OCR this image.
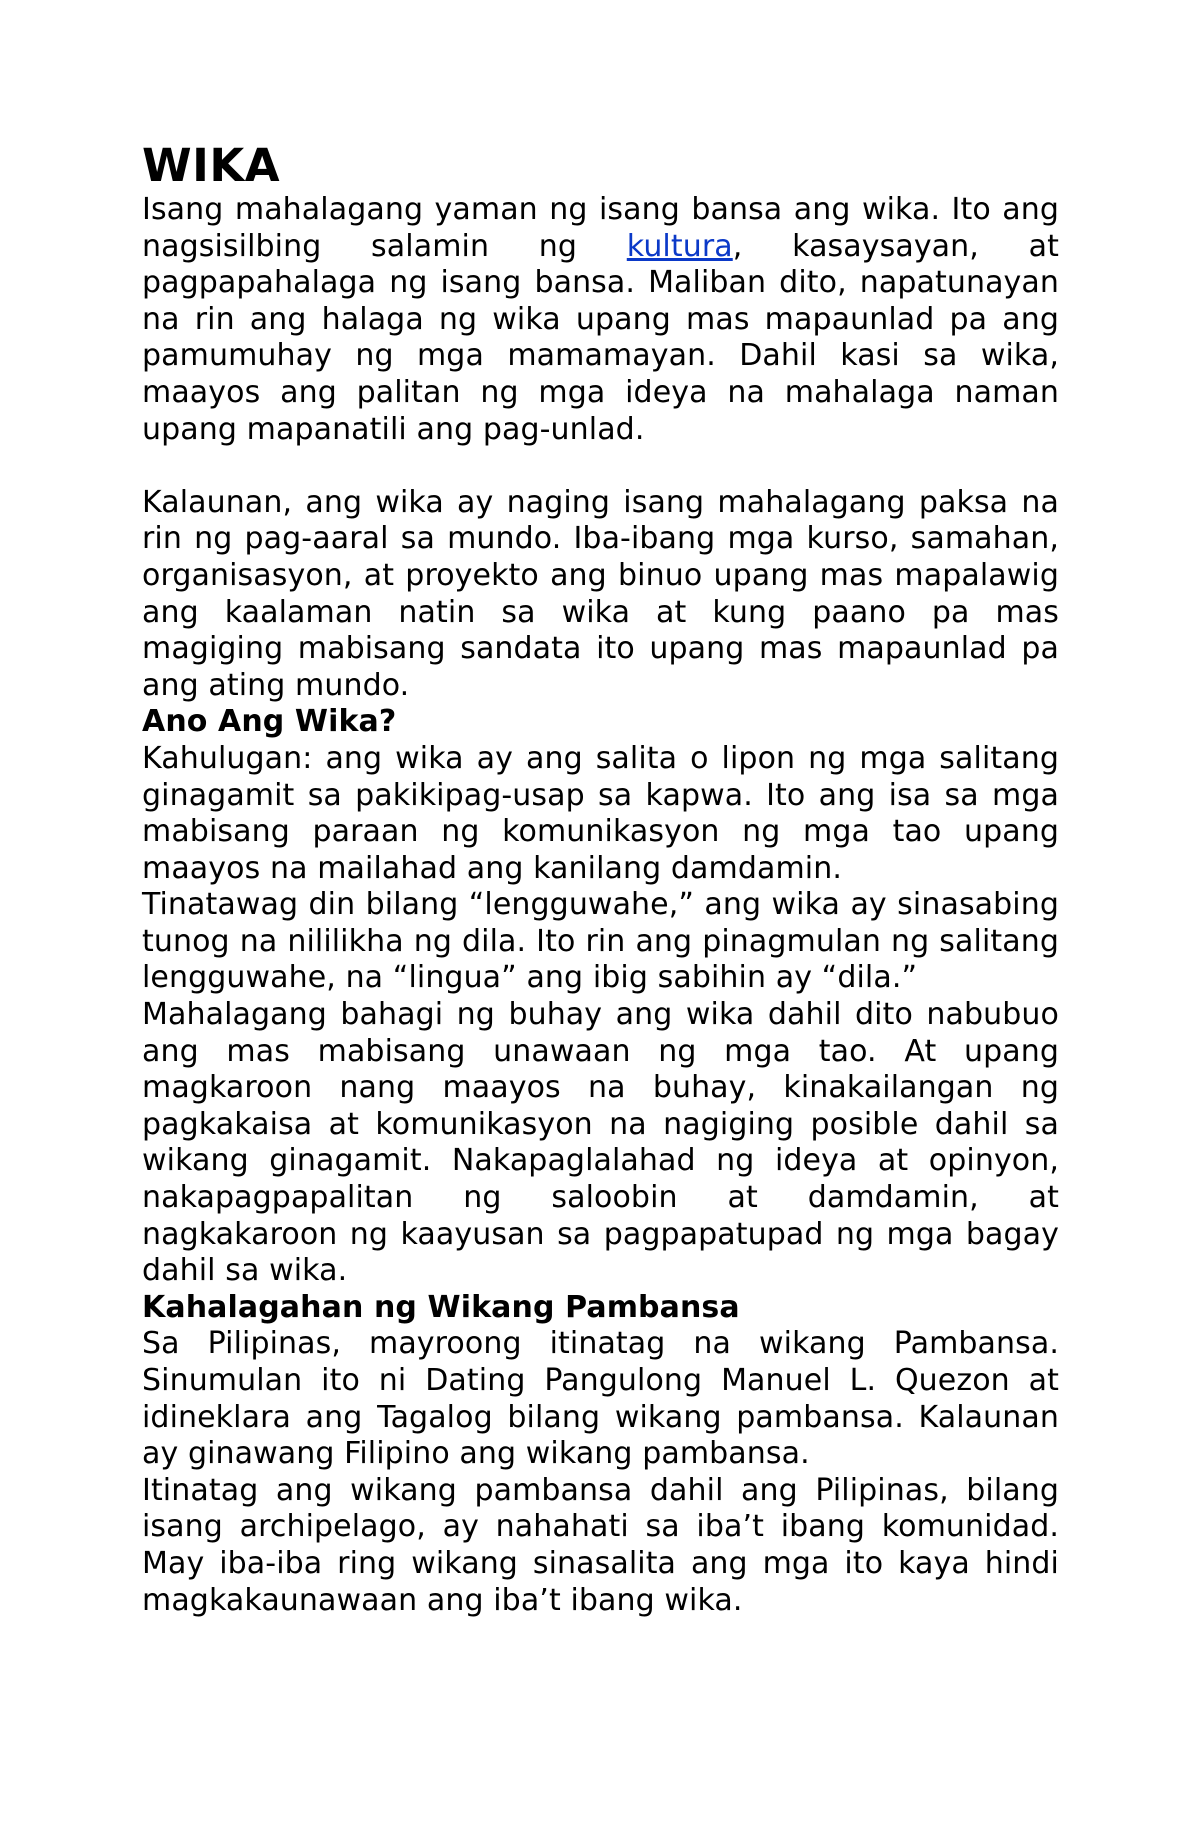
WIKA

Isang mahalagang yaman ng isang bansa ang wika. Ito ang nagsisilbing salamin ng kultura, kasaysayan, at pagpapahalaga ng isang bansa. Maliban dito, napatunayan na rin ang halaga ng wika upang mas mapaunlad pa ang pamumuhay ng mga mamamayan. Dahil kasi sa wika, maayos ang palitan ng mga ideya na mahalaga naman upang mapanatili ang pag-unlad.

Kalaunan, ang wika ay naging isang mahalagang paksa na rin ng pag-aaral sa mundo. Iba-ibang mga kurso, samahan, organisasyon, at proyekto ang binuo upang mas mapalawig ang kaalaman natin sa wika at kung paano pa mas magiging mabisang sandata ito upang mas mapaunlad pa ang ating mundo.

Ano Ang Wika?

Kahulugan: ang wika ay ang salita o lipon ng mga salitang ginagamit sa pakikipag-usap sa kapwa. Ito ang isa sa mga mabisang paraan ng komunikasyon ng mga tao upang maayos na mailahad ang kanilang damdamin.

Tinatawag din bilang “lengguwahe,” ang wika ay sinasabing tunog na nililikha ng dila. Ito rin ang pinagmulan ng salitang lengguwahe, na “lingua” ang ibig sabihin ay “dila.”

Mahalagang bahagi ng buhay ang wika dahil dito nabubuo ang mas mabisang unawaan ng mga tao. At upang magkaroon nang maayos na buhay, kinakailangan ng pagkakaisa at komunikasyon na nagiging posible dahil sa wikang ginagamit. Nakapaglalahad ng ideya at opinyon, nakapagpapalitan ng saloobin at damdamin, at nagkakaroon ng kaayusan sa pagpapatupad ng mga bagay dahil sa wika.

Kahalagahan ng Wikang Pambansa

Sa Pilipinas, mayroong itinatag na wikang Pambansa. Sinumulan ito ni Dating Pangulong Manuel L. Quezon at idineklara ang Tagalog bilang wikang pambansa. Kalaunan ay ginawang Filipino ang wikang pambansa.

Itinatag ang wikang pambansa dahil ang Pilipinas, bilang isang archipelago, ay nahahati sa iba’t ibang komunidad. May iba-iba ring wikang sinasalita ang mga ito kaya hindi magkakaunawaan ang iba’t ibang wika.
